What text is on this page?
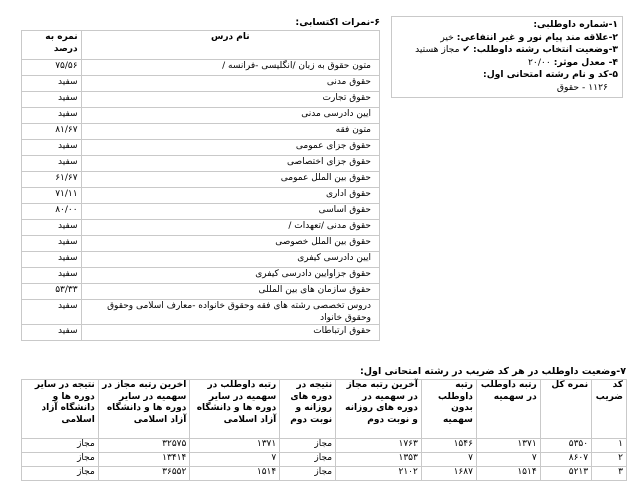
۱-شماره داوطلبی:
۲-علاقه مند پیام نور و غیر انتفاعی: خیر
۳-وضعیت انتخاب رشته داوطلب: ✔ مجاز هستید
۴- معدل موثر: ۲۰/۰۰
۵-کد و نام رشته امتحانی اول:
۱۱۲۶ - حقوق
۶-نمرات اکتسابی:
نام درس	نمره به درصد
متون حقوق به زبان /انگلیسی -فرانسه /	۷۵/۵۶
حقوق مدنی	سفید
حقوق تجارت	سفید
ایین دادرسی مدنی	سفید
متون فقه	۸۱/۶۷
حقوق جزای عمومی	سفید
حقوق جزای اختصاصی	سفید
حقوق بین الملل عمومی	۶۱/۶۷
حقوق اداری	۷۱/۱۱
حقوق اساسی	۸۰/۰۰
حقوق مدنی /تعهدات /	سفید
حقوق بین الملل خصوصی	سفید
ایین دادرسی کیفری	سفید
حقوق جزاوایین دادرسی کیفری	سفید
حقوق سازمان های بین المللی	۵۳/۳۳
دروس تخصصی رشته های فقه وحقوق خانواده -معارف اسلامی وحقوق وحقوق خانواد	سفید
حقوق ارتباطات	سفید
۷-وضعیت داوطلب در هر کد ضریب در رشته امتحانی اول:
کد ضریب	نمره کل	رتبه داوطلب در سهمیه	رتبه داوطلب بدون سهمیه	آخرین رتبه مجاز در سهمیه در دوره های روزانه و نوبت دوم	نتیجه در دوره های روزانه و نوبت دوم	رتبه داوطلب در سهمیه در سایر دوره ها و دانشگاه آزاد اسلامی	اخرین رتبه مجاز در سهمیه در سایر دوره ها و دانشگاه آزاد اسلامی	نتیجه در سایر دوره ها و دانشگاه آزاد اسلامی
۱	۵۳۵۰	۱۳۷۱	۱۵۴۶	۱۷۶۳	مجاز	۱۳۷۱	۳۲۵۷۵	مجاز
۲	۸۶۰۷	۷	۷	۱۳۵۳	مجاز	۷	۱۳۴۱۴	مجاز
۳	۵۲۱۳	۱۵۱۴	۱۶۸۷	۲۱۰۲	مجاز	۱۵۱۴	۳۶۵۵۲	مجاز
